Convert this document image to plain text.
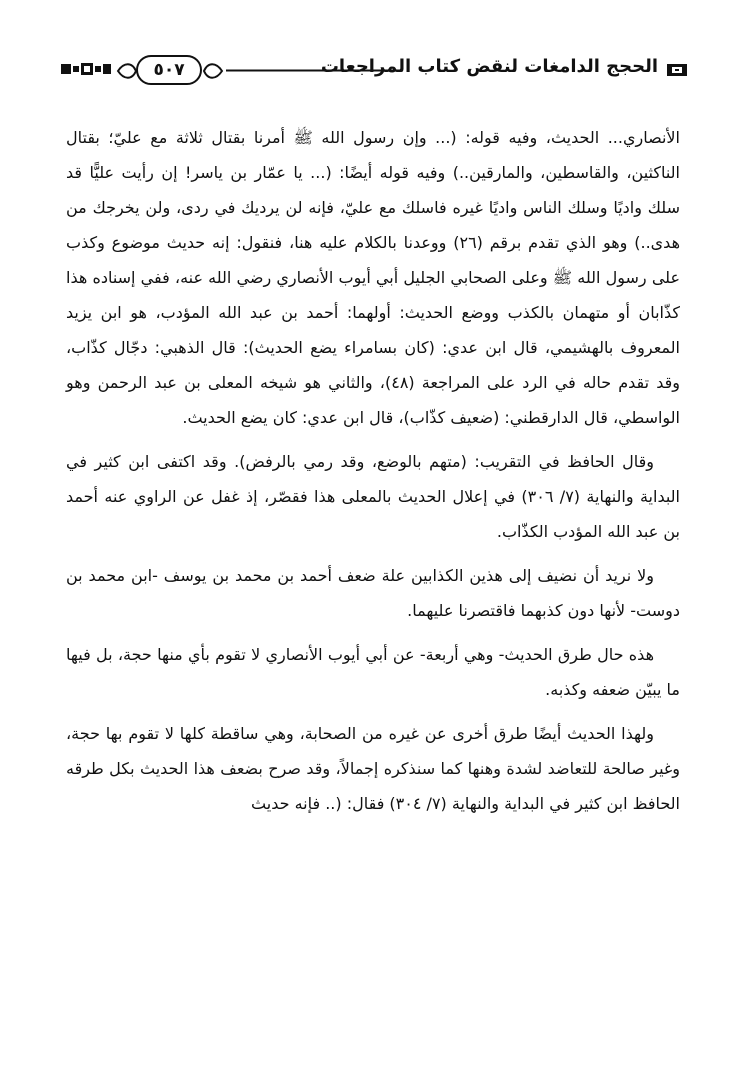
٥٠٧	الحجج الدامغات لنقض كتاب المراجعات

الأنصاري... الحديث، وفيه قوله: (... وإن رسول الله ﷺ أمرنا بقتال ثلاثة مع عليّ؛ بقتال الناكثين، والقاسطين، والمارقين..) وفيه قوله أيضًا: (... يا عمّار بن ياسر! إن رأيت عليًّا قد سلك واديًا وسلك الناس واديًا غيره فاسلك مع عليّ، فإنه لن يرديك في ردى، ولن يخرجك من هدى..) وهو الذي تقدم برقم (٢٦) ووعدنا بالكلام عليه هنا، فنقول: إنه حديث موضوع وكذب على رسول الله ﷺ وعلى الصحابي الجليل أبي أيوب الأنصاري رضي الله عنه، ففي إسناده هذا كذّابان أو متهمان بالكذب ووضع الحديث: أولهما: أحمد بن عبد الله المؤدب، هو ابن يزيد المعروف بالهشيمي، قال ابن عدي: (كان بسامراء يضع الحديث): قال الذهبي: دجّال كذّاب، وقد تقدم حاله في الرد على المراجعة (٤٨)، والثاني هو شيخه المعلى بن عبد الرحمن وهو الواسطي، قال الدارقطني: (ضعيف كذّاب)، قال ابن عدي: كان يضع الحديث.

وقال الحافظ في التقريب: (متهم بالوضع، وقد رمي بالرفض). وقد اكتفى ابن كثير في البداية والنهاية (٧/ ٣٠٦) في إعلال الحديث بالمعلى هذا فقصّر، إذ غفل عن الراوي عنه أحمد بن عبد الله المؤدب الكذّاب.

ولا نريد أن نضيف إلى هذين الكذابين علة ضعف أحمد بن محمد بن يوسف -ابن محمد بن دوست- لأنها دون كذبهما فاقتصرنا عليهما.

هذه حال طرق الحديث- وهي أربعة- عن أبي أيوب الأنصاري لا تقوم بأي منها حجة، بل فيها ما يبيّن ضعفه وكذبه.

ولهذا الحديث أيضًا طرق أخرى عن غيره من الصحابة، وهي ساقطة كلها لا تقوم بها حجة، وغير صالحة للتعاضد لشدة وهنها كما سنذكره إجمالاً، وقد صرح بضعف هذا الحديث بكل طرقه الحافظ ابن كثير في البداية والنهاية (٧/ ٣٠٤) فقال: (.. فإنه حديث
